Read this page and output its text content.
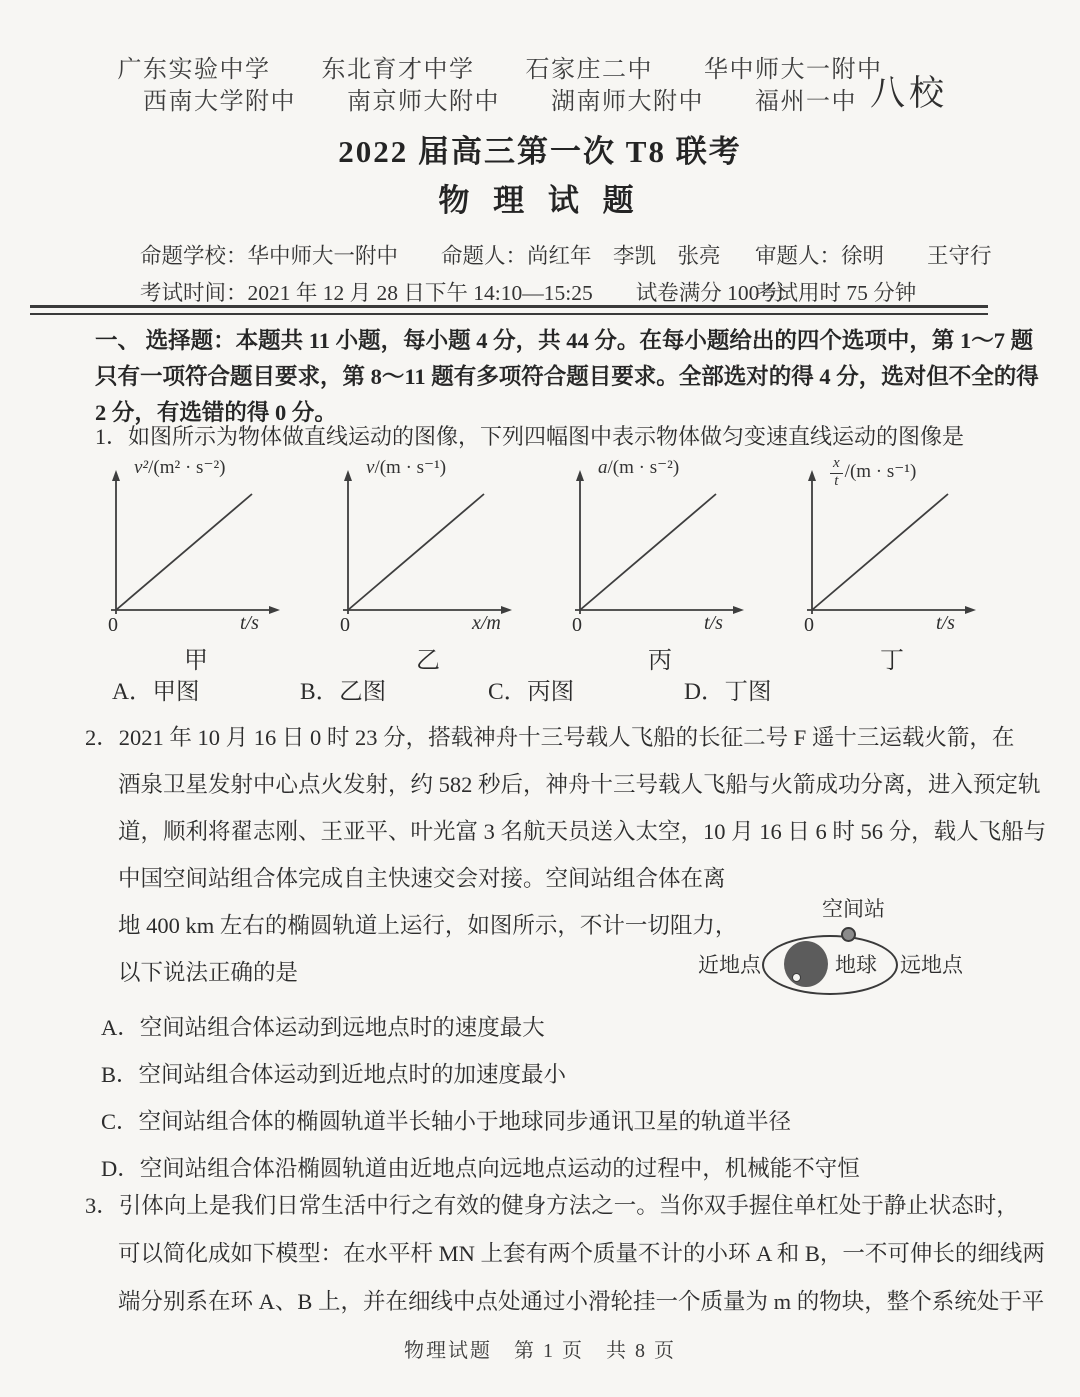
广东实验中学　　东北育才中学　　石家庄二中　　华中师大一附中
西南大学附中　　南京师大附中　　湖南师大附中　　福州一中 八校
2022 届高三第一次 T8 联考
物 理 试 题
命题学校：华中师大一附中　　命题人：尚红年　李凯　张亮 审题人：徐明　　王守行
考试时间：2021 年 12 月 28 日下午 14:10—15:25　　试卷满分 100 分
考试用时 75 分钟
一、 选择题：本题共 11 小题，每小题 4 分，共 44 分。在每小题给出的四个选项中，第 1～7 题
只有一项符合题目要求，第 8～11 题有多项符合题目要求。全部选对的得 4 分，选对但不全的得
2 分，有选错的得 0 分。
1．如图所示为物体做直线运动的图像，下列四幅图中表示物体做匀变速直线运动的图像是
v²/(m² · s⁻²)
0	t/s
甲
v/(m · s⁻¹)
0	x/m
乙
a/(m · s⁻²)
0	t/s
丙
$\frac{x}{t} /(m \cdot s^{-1})$
0	t/s
丁
A．甲图	B．乙图	C．丙图	D．丁图
2．2021 年 10 月 16 日 0 时 23 分，搭载神舟十三号载人飞船的长征二号 F 遥十三运载火箭，在
酒泉卫星发射中心点火发射，约 582 秒后，神舟十三号载人飞船与火箭成功分离，进入预定轨
道，顺利将翟志刚、王亚平、叶光富 3 名航天员送入太空，10 月 16 日 6 时 56 分，载人飞船与
中国空间站组合体完成自主快速交会对接。空间站组合体在离
地 400 km 左右的椭圆轨道上运行，如图所示，不计一切阻力，
以下说法正确的是
A．空间站组合体运动到远地点时的速度最大
B．空间站组合体运动到近地点时的加速度最小
C．空间站组合体的椭圆轨道半长轴小于地球同步通讯卫星的轨道半径
D．空间站组合体沿椭圆轨道由近地点向远地点运动的过程中，机械能不守恒
空间站
地球
近地点	远地点
3．引体向上是我们日常生活中行之有效的健身方法之一。当你双手握住单杠处于静止状态时，
可以简化成如下模型：在水平杆 MN 上套有两个质量不计的小环 A 和 B，一不可伸长的细线两
端分别系在环 A、B 上，并在细线中点处通过小滑轮挂一个质量为 m 的物块，整个系统处于平
物理试题　第 1 页　共 8 页
